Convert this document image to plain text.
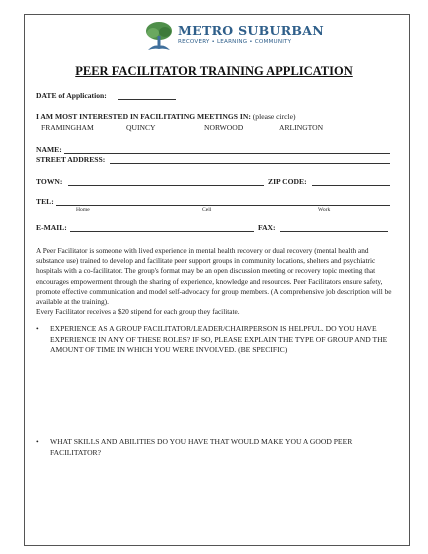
METRO SUBURBAN
RECOVERY • LEARNING • COMMUNITY
PEER FACILITATOR TRAINING APPLICATION
DATE of Application:
I AM MOST INTERESTED IN FACILITATING MEETINGS IN: (please circle)
FRAMINGHAM	QUINCY	NORWOOD	ARLINGTON
NAME:
STREET ADDRESS:
TOWN:	ZIP CODE:
TEL:
Home	Cell	Work
E-MAIL:	FAX:

A Peer Facilitator is someone with lived experience in mental health recovery or dual recovery (mental health and substance use) trained to develop and facilitate peer support groups in community locations, shelters and psychiatric hospitals with a co-facilitator. The group's format may be an open discussion meeting or recovery topic meeting that encourages empowerment through the sharing of experience, knowledge and resources. Peer Facilitators ensure safety, promote effective communication and model self-advocacy for group members. (A comprehensive job description will be available at the training).

Every Facilitator receives a $20 stipend for each group they facilitate.

• EXPERIENCE AS A GROUP FACILITATOR/LEADER/CHAIRPERSON IS HELPFUL. DO YOU HAVE EXPERIENCE IN ANY OF THESE ROLES? IF SO, PLEASE EXPLAIN THE TYPE OF GROUP AND THE AMOUNT OF TIME IN WHICH YOU WERE INVOLVED. (BE SPECIFIC)
• WHAT SKILLS AND ABILITIES DO YOU HAVE THAT WOULD MAKE YOU A GOOD PEER FACILITATOR?
